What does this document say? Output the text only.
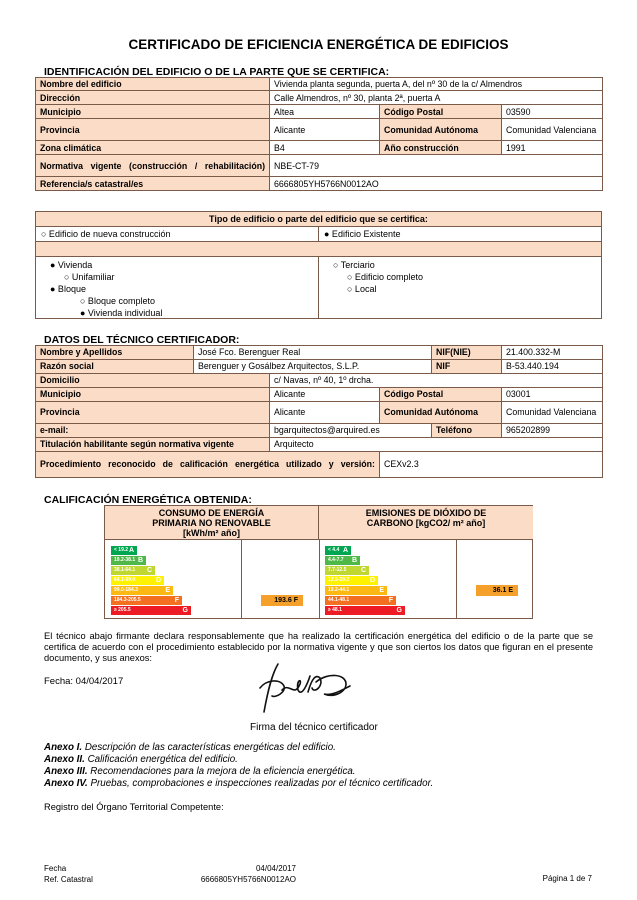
CERTIFICADO DE EFICIENCIA ENERGÉTICA DE EDIFICIOS
IDENTIFICACIÓN DEL EDIFICIO O DE LA PARTE QUE SE CERTIFICA:
Nombre del edificio	Vivienda planta segunda, puerta A, del nº 30 de la c/ Almendros		
Dirección	Calle Almendros, nº 30, planta 2ª, puerta A		
Municipio	Altea	Código Postal	03590
Provincia	Alicante	Comunidad Autónoma	Comunidad Valenciana
Zona climática	B4	Año construcción	1991
Normativa vigente (construcción / rehabilitación)	NBE-CT-79		
Referencia/s catastral/es	6666805YH5766N0012AO		
Tipo de edificio o parte del edificio que se certifica:
○ Edificio de nueva construcción	● Edificio Existente
● Vivienda
○ Unifamiliar
● Bloque
○ Bloque completo
● Vivienda individual
○ Terciario
○ Edificio completo
○ Local
DATOS DEL TÉCNICO CERTIFICADOR:
Nombre y Apellidos	José Fco. Berenguer Real			NIF(NIE)	21.400.332-M
Razón social	Berenguer y Gosálbez Arquitectos, S.L.P.			NIF	B-53.440.194
Domicilio		c/ Navas, nº 40, 1º drcha.			
Municipio		Alicante	Código Postal		03001
Provincia		Alicante	Comunidad Autónoma		Comunidad Valenciana
e-mail:		bgarquitectos@arquired.es		Teléfono	965202899
Titulación habilitante según normativa vigente		Arquitecto			
Procedimiento reconocido de calificación energética utilizado y versión:			CEXv2.3		
CALIFICACIÓN ENERGÉTICA OBTENIDA:
CONSUMO DE ENERGÍA PRIMARIA NO RENOVABLE [kWh/m² año]
EMISIONES DE DIÓXIDO DE CARBONO [kgCO2/ m² año]
< 19.2 A
19.2-38.1 B
38.1-64.1 C
64.1-99.0	D
99.0-184.3	E
184.3-205.5	F
≥ 205.5	G
< 4.4 A
4.4-7.7 B
7.7-12.5 C
12.5-19.2	D
19.2-44.1	E
44.1-48.1	F
≥ 48.1	G
193.6 F
36.1 E
El técnico abajo firmante declara responsablemente que ha realizado la certificación energética del edificio o de la parte que se certifica de acuerdo con el procedimiento establecido por la normativa vigente y que son ciertos los datos que figuran en el presente documento, y sus anexos:
Fecha: 04/04/2017
Firma del técnico certificador
Anexo I. Descripción de las características energéticas del edificio.
Anexo II. Calificación energética del edificio.
Anexo III. Recomendaciones para la mejora de la eficiencia energética.
Anexo IV. Pruebas, comprobaciones e inspecciones realizadas por el técnico certificador.
Registro del Órgano Territorial Competente:
Fecha
Ref. Catastral
04/04/2017
6666805YH5766N0012AO	Página 1 de 7
